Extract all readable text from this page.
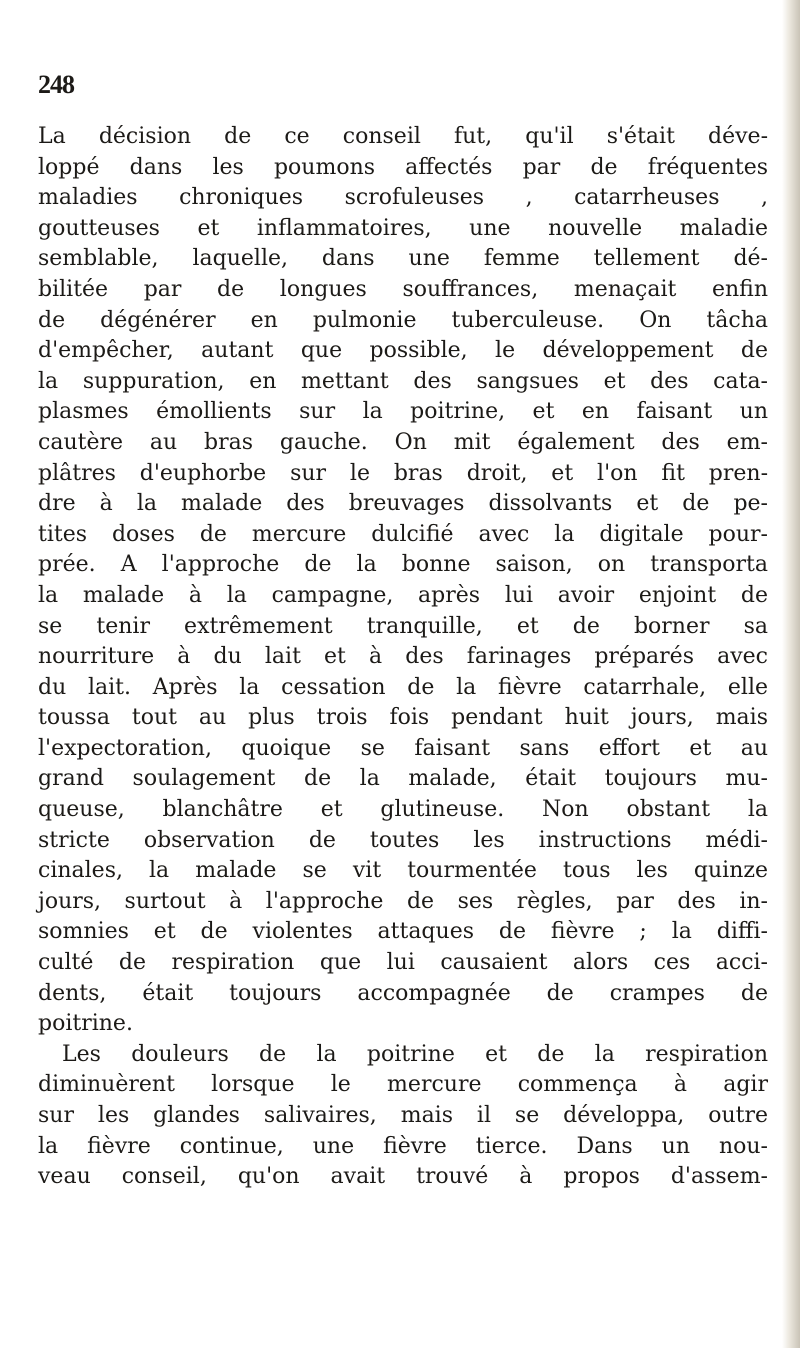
248
La décision de ce conseil fut, qu'il s'était déve-
loppé dans les poumons affectés par de fréquentes
maladies chroniques scrofuleuses , catarrheuses ,
goutteuses et inflammatoires, une nouvelle maladie
semblable, laquelle, dans une femme tellement dé-
bilitée par de longues souffrances, menaçait enfin
de dégénérer en pulmonie tuberculeuse. On tâcha
d'empêcher, autant que possible, le développement de
la suppuration, en mettant des sangsues et des cata-
plasmes émollients sur la poitrine, et en faisant un
cautère au bras gauche. On mit également des em-
plâtres d'euphorbe sur le bras droit, et l'on fit pren-
dre à la malade des breuvages dissolvants et de pe-
tites doses de mercure dulcifié avec la digitale pour-
prée. A l'approche de la bonne saison, on transporta
la malade à la campagne, après lui avoir enjoint de
se tenir extrêmement tranquille, et de borner sa
nourriture à du lait et à des farinages préparés avec
du lait. Après la cessation de la fièvre catarrhale, elle
toussa tout au plus trois fois pendant huit jours, mais
l'expectoration, quoique se faisant sans effort et au
grand soulagement de la malade, était toujours mu-
queuse, blanchâtre et glutineuse. Non obstant la
stricte observation de toutes les instructions médi-
cinales, la malade se vit tourmentée tous les quinze
jours, surtout à l'approche de ses règles, par des in-
somnies et de violentes attaques de fièvre ; la diffi-
culté de respiration que lui causaient alors ces acci-
dents, était toujours accompagnée de crampes de
poitrine.
Les douleurs de la poitrine et de la respiration
diminuèrent lorsque le mercure commença à agir
sur les glandes salivaires, mais il se développa, outre
la fièvre continue, une fièvre tierce. Dans un nou-
veau conseil, qu'on avait trouvé à propos d'assem-
